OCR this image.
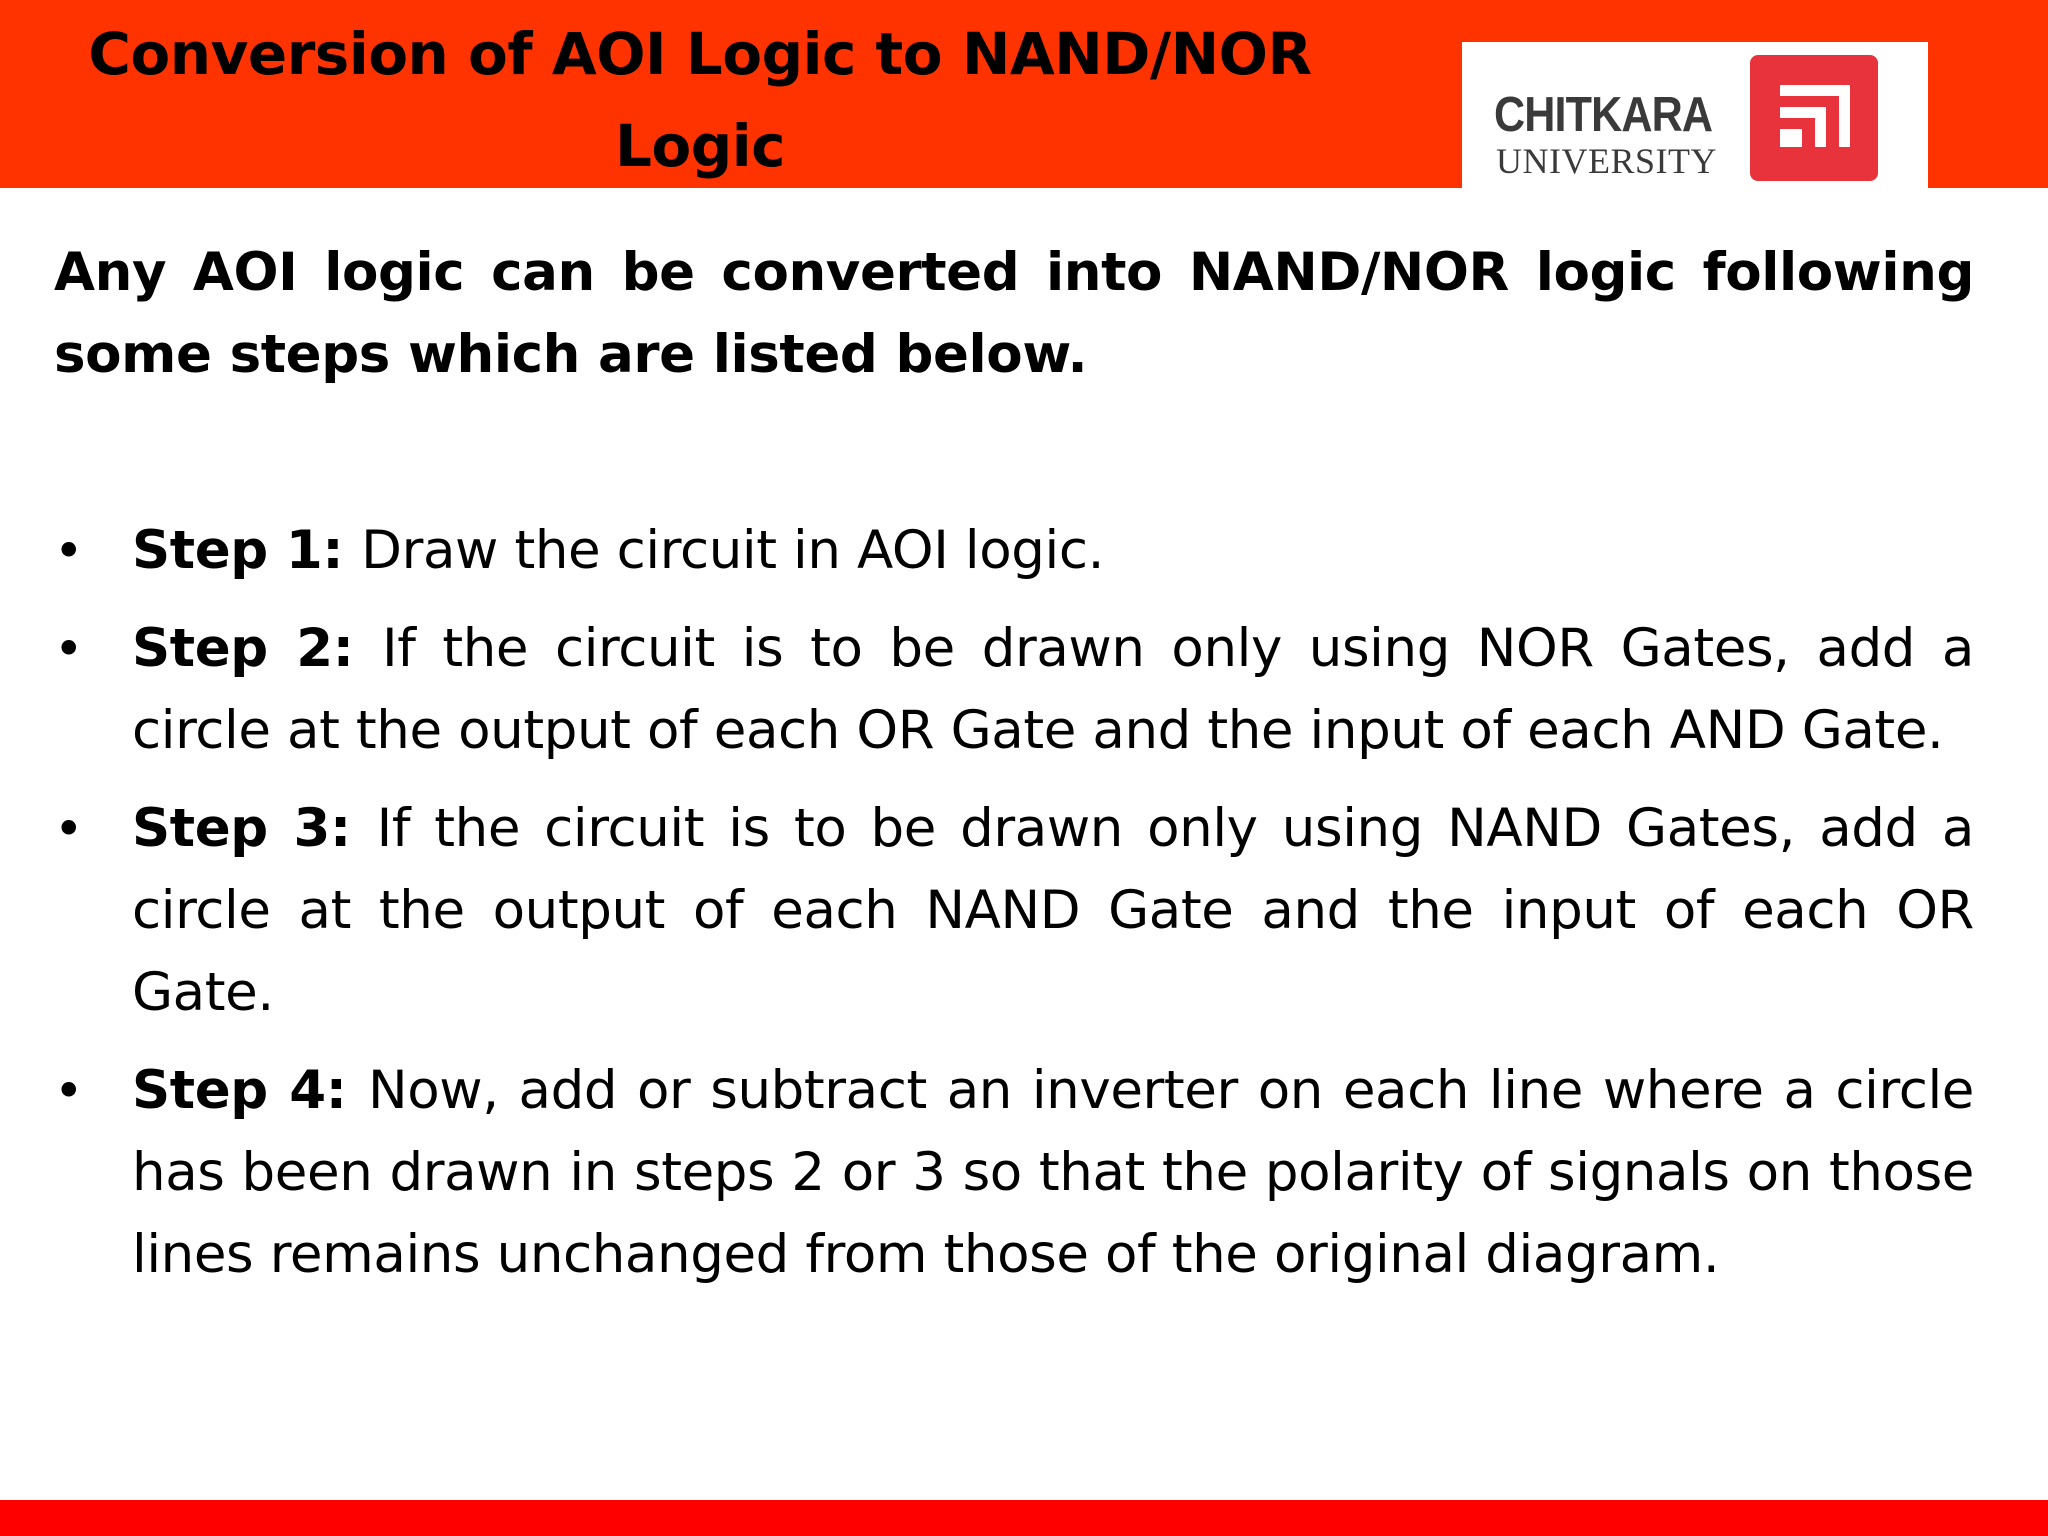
Conversion of AOI Logic to NAND/NOR Logic	CHITKARA
UNIVERSITY

Any AOI logic can be converted into NAND/NOR logic following some steps which are listed below.

• Step 1: Draw the circuit in AOI logic.
• Step 2: If the circuit is to be drawn only using NOR Gates, add a circle at the output of each OR Gate and the input of each AND Gate.
• Step 3: If the circuit is to be drawn only using NAND Gates, add a circle at the output of each NAND Gate and the input of each OR Gate.
• Step 4: Now, add or subtract an inverter on each line where a circle has been drawn in steps 2 or 3 so that the polarity of signals on those lines remains unchanged from those of the original diagram.
